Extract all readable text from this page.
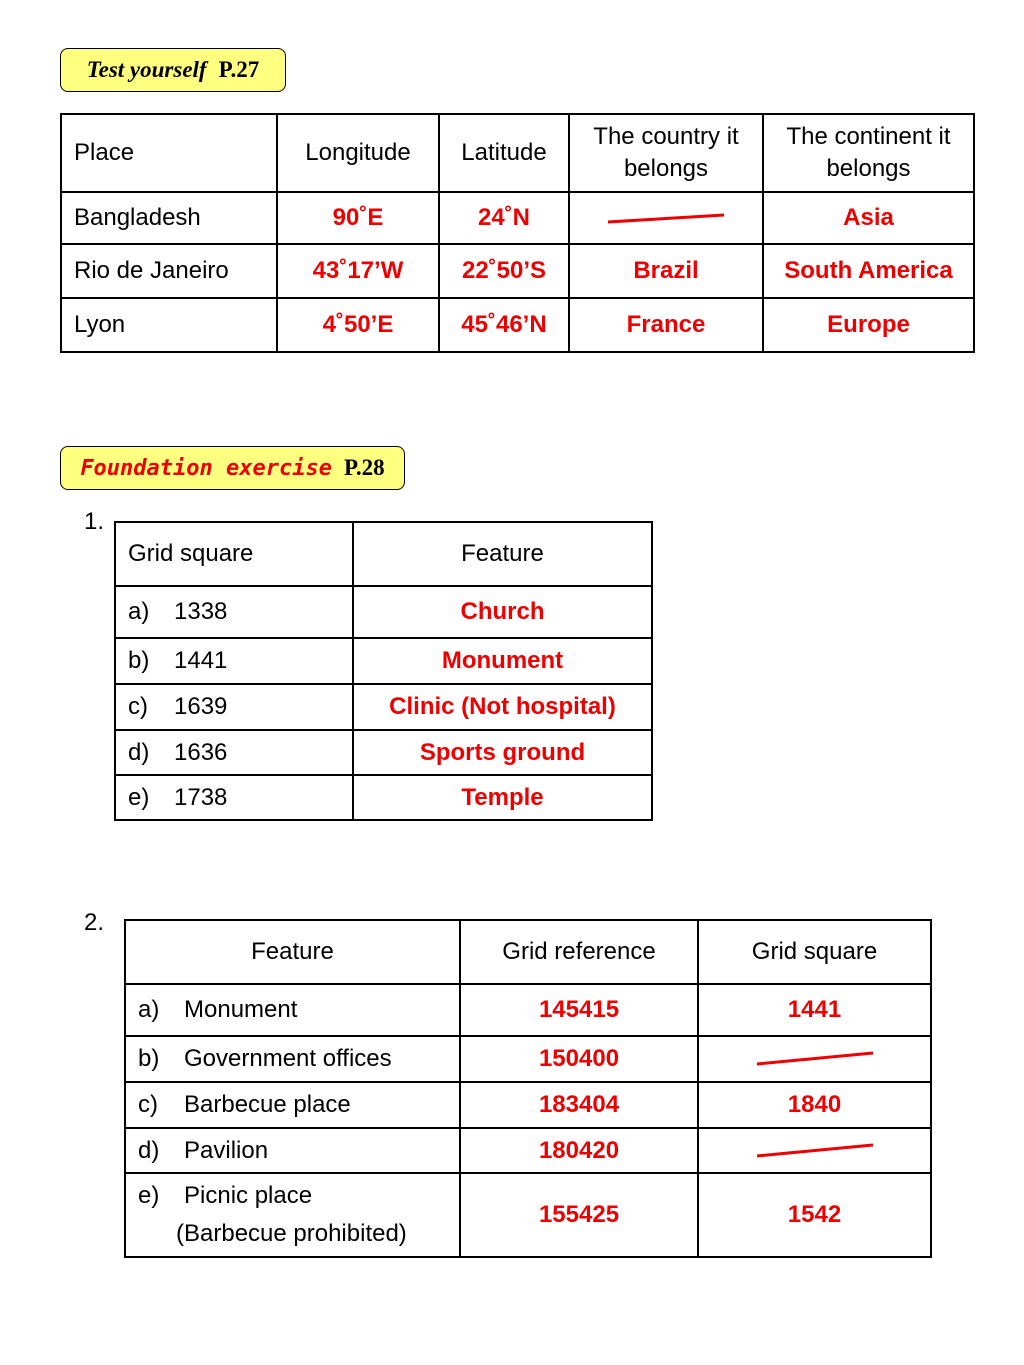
Test yourself P.27
Place	Longitude	Latitude	The country it belongs	The continent it belongs
Bangladesh	90˚E	24˚N		Asia
Rio de Janeiro	43˚17’W	22˚50’S	Brazil	South America
Lyon	4˚50’E	45˚46’N	France	Europe
Foundation exercise P.28
1.
Grid square	Feature
a) 1338	Church
b) 1441	Monument
c) 1639	Clinic (Not hospital)
d) 1636	Sports ground
e) 1738	Temple
2.
Feature	Grid reference	Grid square
a) Monument	145415	1441
b) Government offices	150400	

c) Barbecue place	183404	1840
d) Pavilion	180420	

e) Picnic place
(Barbecue prohibited)	155425	1542
